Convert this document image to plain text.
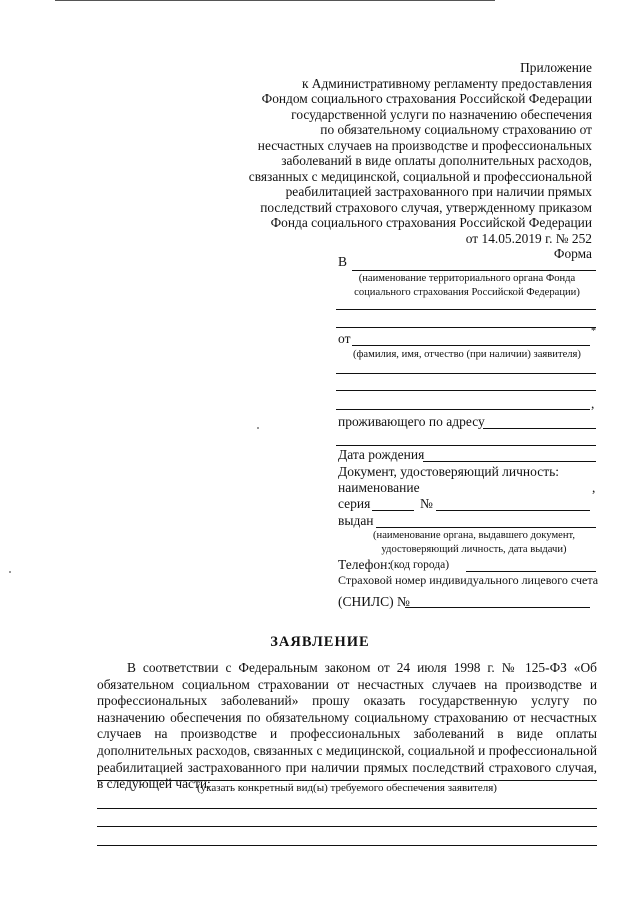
Приложение
к Административному регламенту предоставления
Фондом социального страхования Российской Федерации
государственной услуги по назначению обеспечения
по обязательному социальному страхованию от
несчастных случаев на производстве и профессиональных
заболеваний в виде оплаты дополнительных расходов,
связанных с медицинской, социальной и профессиональной
реабилитацией застрахованного при наличии прямых
последствий страхового случая, утвержденному приказом
Фонда социального страхования Российской Федерации
от 14.05.2019 г. № 252
Форма
В
(наименование территориального органа Фонда
социального страхования Российской Федерации)
от	*
(фамилия, имя, отчество (при наличии) заявителя)
,
проживающего по адресу
Дата рождения
Документ, удостоверяющий личность:
наименование	,
серия	№
выдан
(наименование органа, выдавшего документ,
удостоверяющий личность, дата выдачи)
Телефон:
(код города)
Страховой номер индивидуального лицевого счета
(СНИЛС) №
ЗАЯВЛЕНИЕ
В соответствии с Федеральным законом от 24 июля 1998 г. № 125-ФЗ «Об обязательном социальном страховании от несчастных случаев на производстве и профессиональных заболеваний» прошу оказать государственную услугу по назначению обеспечения по обязательному социальному страхованию от несчастных случаев на производстве и профессиональных заболеваний в виде оплаты дополнительных расходов, связанных с медицинской, социальной и профессиональной реабилитацией застрахованного при наличии прямых последствий страхового случая, в следующей части:
(указать конкретный вид(ы) требуемого обеспечения заявителя)
